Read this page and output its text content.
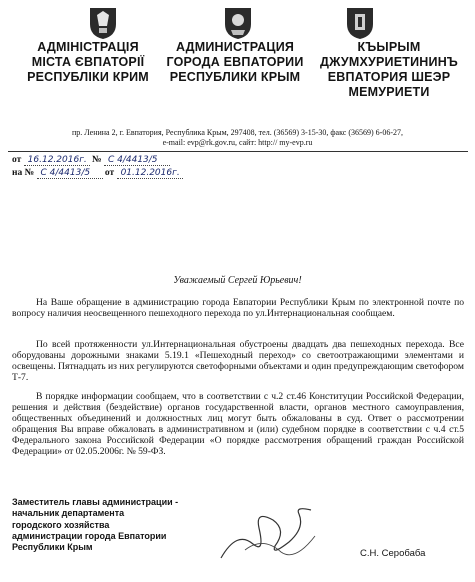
АДМІНІСТРАЦІЯ
МІСТА ЄВПАТОРІЇ
РЕСПУБЛІКИ КРИМ
АДМИНИСТРАЦИЯ
ГОРОДА ЕВПАТОРИИ
РЕСПУБЛИКИ КРЫМ
КЪЫРЫМ
ДЖУМХУРИЕТИНИНЪ
ЕВПАТОРИЯ ШЕЭР
МЕМУРИЕТИ
пр. Ленина 2, г. Евпатория, Республика Крым, 297408, тел. (36569) 3-15-30, факс (36569) 6-06-27,
e-mail: evp@rk.gov.ru, сайт: http:// my-evp.ru
от 16.12.2016г. № С 4/4413/5
на № С 4/4413/5 от 01.12.2016г.
Уважаемый Сергей Юрьевич!

На Ваше обращение в администрацию города Евпатории Республики Крым по электронной почте по вопросу наличия неосвещенного пешеходного перехода по ул.Интернациональная сообщаем.

По всей протяженности ул.Интернациональная обустроены двадцать два пешеходных перехода. Все оборудованы дорожными знаками 5.19.1 «Пешеходный переход» со светоотражающими элементами и освещены. Пятнадцать из них регулируются светофорными объектами и один предупреждающим светофором Т-7.

В порядке информации сообщаем, что в соответствии с ч.2 ст.46 Конституции Российской Федерации, решения и действия (бездействие) органов государственной власти, органов местного самоуправления, общественных объединений и должностных лиц могут быть обжалованы в суд. Ответ о рассмотрении обращения Вы вправе обжаловать в административном и (или) судебном порядке в соответствии с ч.4 ст.5 Федерального закона Российской Федерации «О порядке рассмотрения обращений граждан Российской Федерации» от 02.05.2006г. № 59-ФЗ.

Заместитель главы администрации -
начальник департамента
городского хозяйства
администрации города Евпатории
Республики Крым
С.Н. Серобаба
